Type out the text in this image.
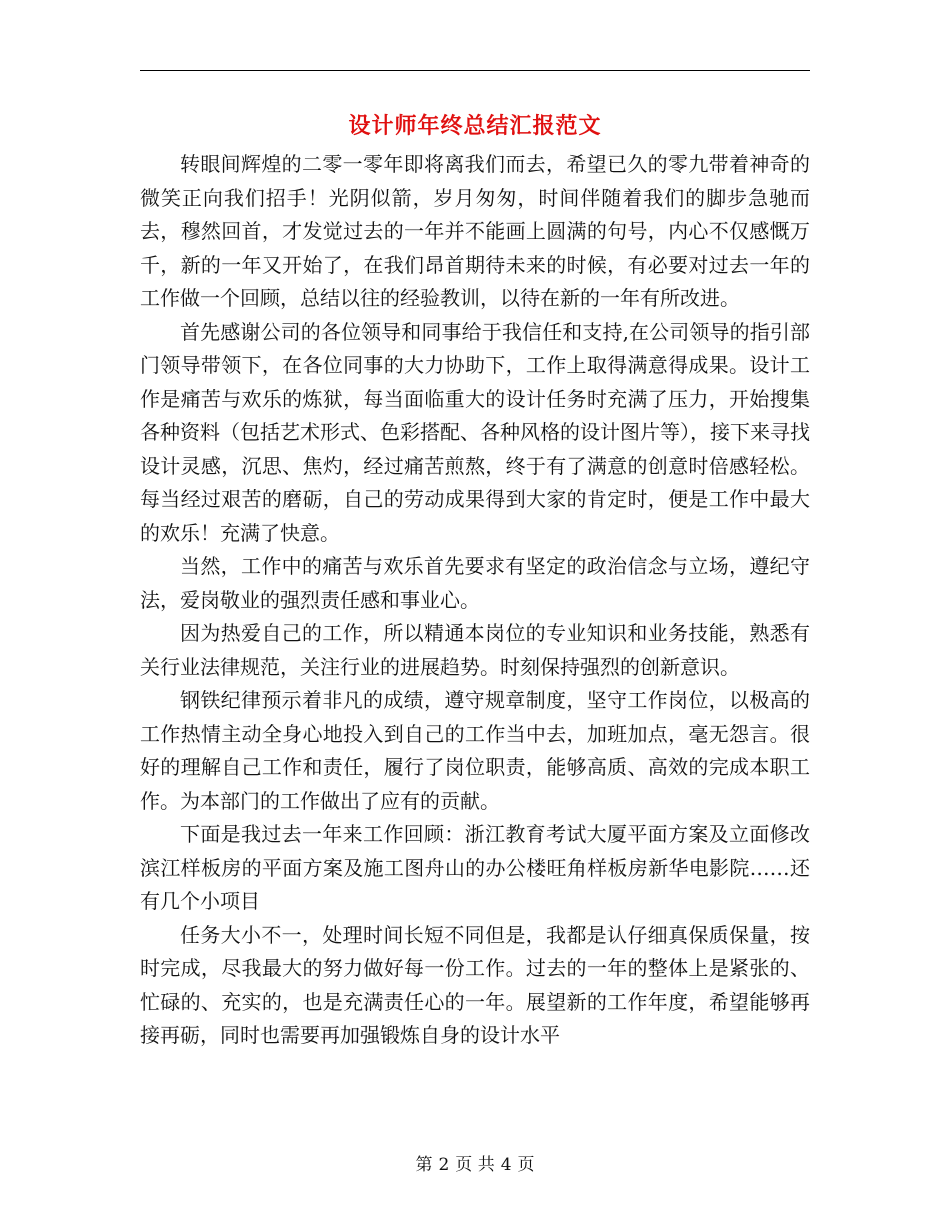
设计师年终总结汇报范文

转眼间辉煌的二零一零年即将离我们而去，希望已久的零九带着神奇的微笑正向我们招手！光阴似箭，岁月匆匆，时间伴随着我们的脚步急驰而去，穆然回首，才发觉过去的一年并不能画上圆满的句号，内心不仅感慨万千，新的一年又开始了，在我们昂首期待未来的时候，有必要对过去一年的工作做一个回顾，总结以往的经验教训，以待在新的一年有所改进。

首先感谢公司的各位领导和同事给于我信任和支持,在公司领导的指引部门领导带领下，在各位同事的大力协助下，工作上取得满意得成果。设计工作是痛苦与欢乐的炼狱，每当面临重大的设计任务时充满了压力，开始搜集各种资料（包括艺术形式、色彩搭配、各种风格的设计图片等），接下来寻找设计灵感，沉思、焦灼，经过痛苦煎熬，终于有了满意的创意时倍感轻松。每当经过艰苦的磨砺，自己的劳动成果得到大家的肯定时，便是工作中最大的欢乐！充满了快意。

当然，工作中的痛苦与欢乐首先要求有坚定的政治信念与立场，遵纪守法，爱岗敬业的强烈责任感和事业心。

因为热爱自己的工作，所以精通本岗位的专业知识和业务技能，熟悉有关行业法律规范，关注行业的进展趋势。时刻保持强烈的创新意识。

钢铁纪律预示着非凡的成绩，遵守规章制度，坚守工作岗位，以极高的工作热情主动全身心地投入到自己的工作当中去，加班加点，毫无怨言。很好的理解自己工作和责任，履行了岗位职责，能够高质、高效的完成本职工作。为本部门的工作做出了应有的贡献。

下面是我过去一年来工作回顾：浙江教育考试大厦平面方案及立面修改滨江样板房的平面方案及施工图舟山的办公楼旺角样板房新华电影院……还有几个小项目

任务大小不一，处理时间长短不同但是，我都是认仔细真保质保量，按时完成，尽我最大的努力做好每一份工作。过去的一年的整体上是紧张的、忙碌的、充实的，也是充满责任心的一年。展望新的工作年度，希望能够再接再砺，同时也需要再加强锻炼自身的设计水平

第 2 页 共 4 页
